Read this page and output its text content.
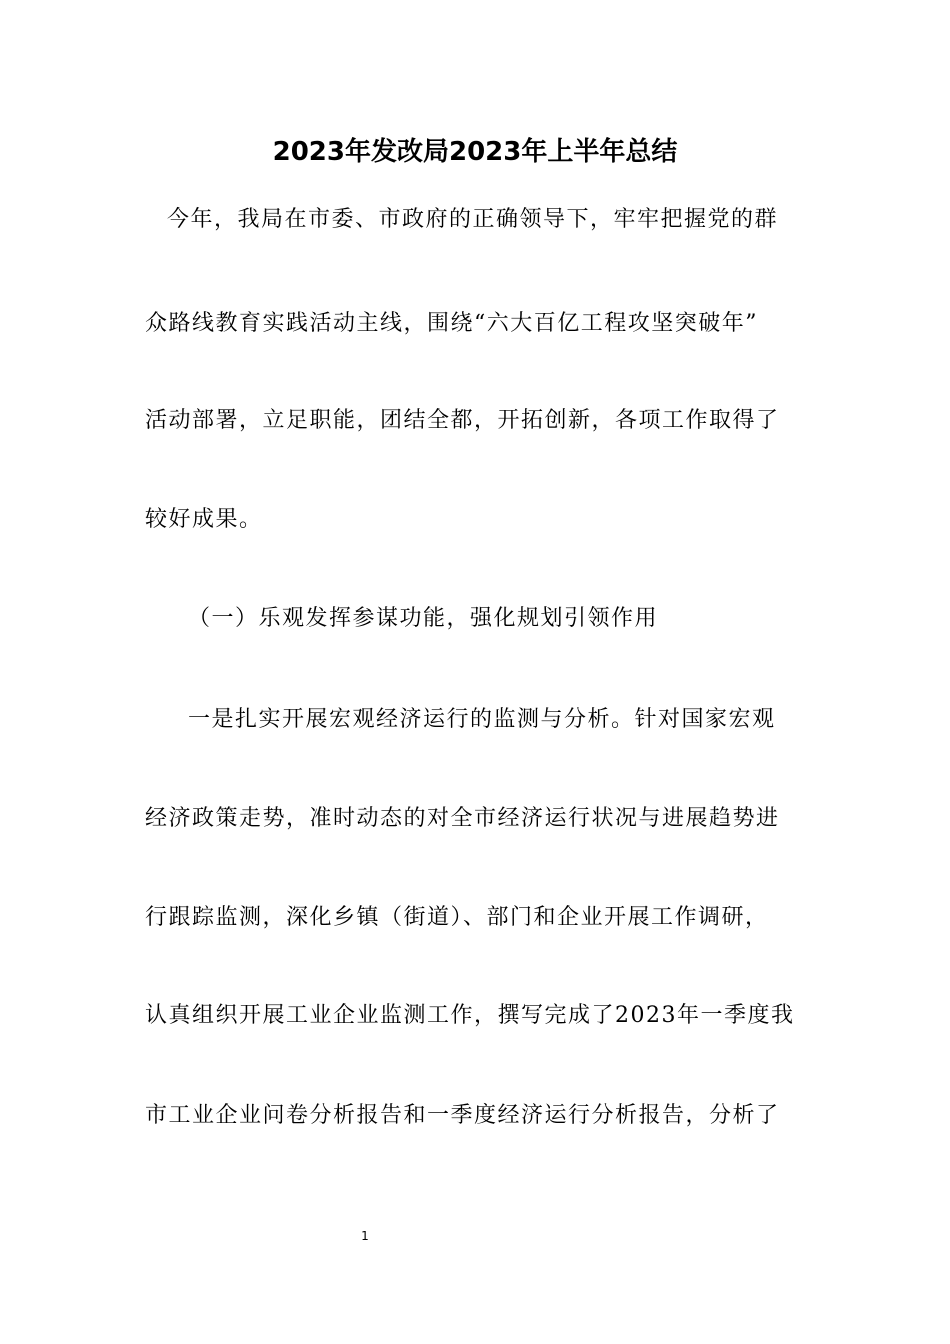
2023年发改局2023年上半年总结
今年，我局在市委、市政府的正确领导下，牢牢把握党的群
众路线教育实践活动主线，围绕“六大百亿工程攻坚突破年”
活动部署，立足职能，团结全都，开拓创新，各项工作取得了
较好成果。
（一）乐观发挥参谋功能，强化规划引领作用
一是扎实开展宏观经济运行的监测与分析。针对国家宏观
经济政策走势，准时动态的对全市经济运行状况与进展趋势进
行跟踪监测，深化乡镇（街道）、部门和企业开展工作调研，
认真组织开展工业企业监测工作，撰写完成了2023年一季度我
市工业企业问卷分析报告和一季度经济运行分析报告，分析了
1
